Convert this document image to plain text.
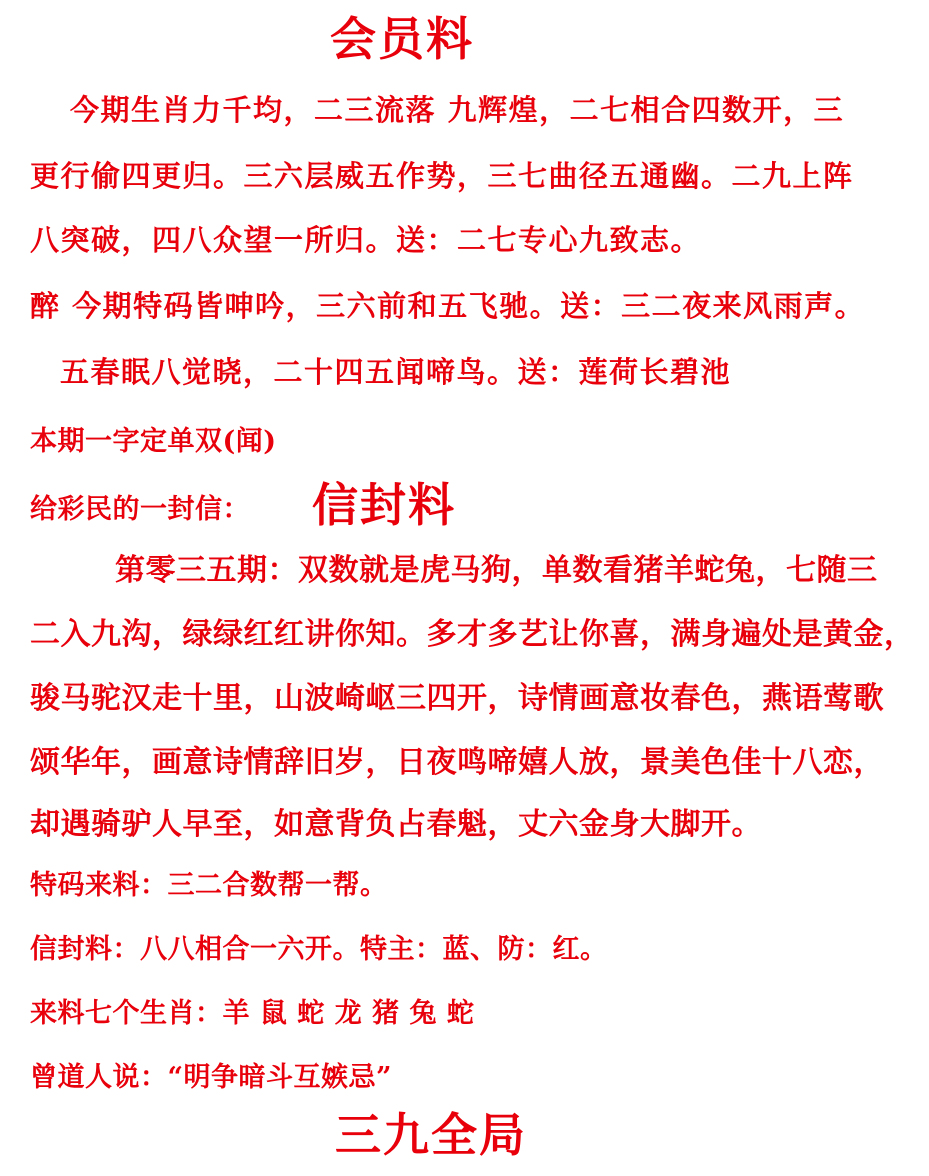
会员料
今期生肖力千均，二三流落 九辉煌，二七相合四数开，三
更行偷四更归。三六层威五作势，三七曲径五通幽。二九上阵
八突破，四八众望一所归。送：二七专心九致志。
醉 今期特码皆呻吟，三六前和五飞驰。送：三二夜来风雨声。
五春眠八觉晓，二十四五闻啼鸟。送：莲荷长碧池
本期一字定单双(闻)
给彩民的一封信： 信封料
第零三五期：双数就是虎马狗，单数看猪羊蛇兔，七随三
二入九沟，绿绿红红讲你知。多才多艺让你喜，满身遍处是黄金，
骏马驼汉走十里，山波崎岖三四开，诗情画意妆春色，燕语莺歌
颂华年，画意诗情辞旧岁，日夜鸣啼嬉人放，景美色佳十八恋，
却遇骑驴人早至，如意背负占春魁，丈六金身大脚开。
特码来料：三二合数帮一帮。
信封料：八八相合一六开。特主：蓝、防：红。
来料七个生肖：羊 鼠 蛇 龙 猪 兔 蛇
曾道人说：“明争暗斗互嫉忌”
三九全局
